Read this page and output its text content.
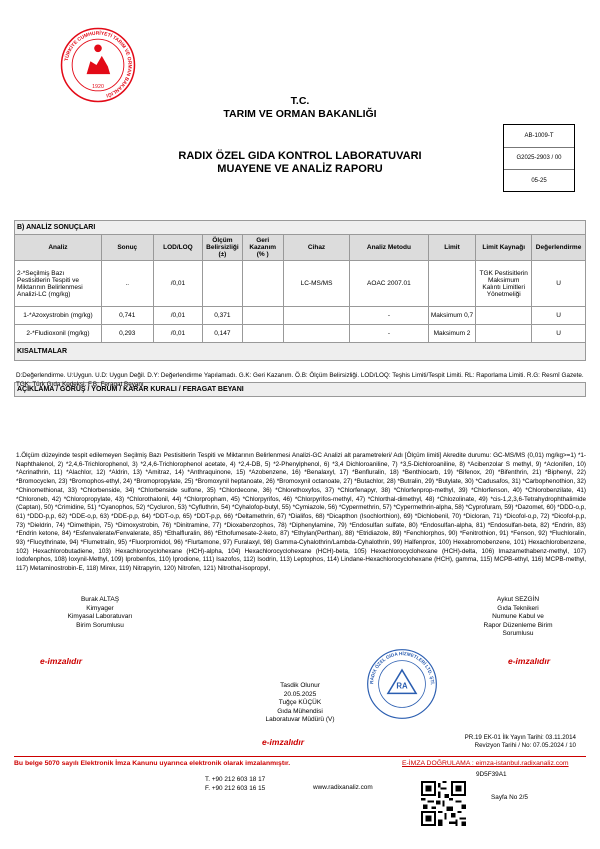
TÜRKİYE CUMHURİYETİ TARIM VE ORMAN BAKANLIĞI
1920
T.C.
TARIM VE ORMAN BAKANLIĞI
RADIX ÖZEL GIDA KONTROL LABORATUVARI
MUAYENE VE ANALİZ RAPORU
AB-1009-T
G2025-2903 / 00
05-25
B) ANALİZ SONUÇLARI									
Analiz	Sonuç	LOD/LOQ	Ölçüm Belirsizliği (±)	Geri Kazanım (% )	Cihaz	Analiz Metodu	Limit	Limit Kaynağı	Değerlendirme
2-*Seçilmiş Bazı Pestisitlerin Tespiti ve Miktarının Belirlenmesi Analizi-LC (mg/kg)	..	/0,01			LC-MS/MS	AOAC 2007.01		TGK Pestisitlerin Maksimum Kalıntı Limitleri Yönetmeliği	U
1-*Azoxystrobin (mg/kg)	0,741	/0,01	0,371			-	Maksimum 0,7		U
2-*Fludioxonil (mg/kg)	0,293	/0,01	0,147			-	Maksimum 2		U
KISALTMALAR									

AÇIKLAMA / GÖRÜŞ / YORUM / KARAR KURALI / FERAGAT BEYANI									
D:Değerlendirme. U:Uygun. U.D: Uygun Değil. D.Y: Değerlendirme Yapılamadı. G.K: Geri Kazanım. Ö.B: Ölçüm Belirsizliği. LOD/LOQ: Teşhis Limiti/Tespit Limiti. RL: Raporlama Limiti. R.G: Resmî Gazete. TGK: Türk Gıda Kodeksi. F.B: Feragat Beyanı
1.Ölçüm düzeyinde tespit edilemeyen Seçilmiş Bazı Pestisitlerin Tespiti ve Miktarının Belirlenmesi Analizi-GC Analizi alt parametreleri/ Adı [Ölçüm limiti] Akredite durumu: GC-MS/MS (0,01) mg/kg>=1) *1-Naphthalenol, 2) *2,4,6-Trichlorophenol, 3) *2,4,6-Trichlorophenol acetate, 4) *2,4-DB, 5) *2-Phenylphenol, 6) *3,4 Dichloroaniline, 7) *3,5-Dichloroaniline, 8) *Acibenzolar S methyl, 9) *Aclonifen, 10) *Acrinathrin, 11) *Alachlor, 12) *Aldrin, 13) *Amitraz, 14) *Anthraquinone, 15) *Azobenzene, 16) *Benalaxyl, 17) *Benfluralin, 18) *Benthiocarb, 19) *Bifenox, 20) *Bifenthrin, 21) *Biphenyl, 22) *Bromocyclen, 23) *Bromophos-ethyl, 24) *Bromopropylate, 25) *Bromoxynil heptanoate, 26) *Bromoxynil octanoate, 27) *Butachlor, 28) *Butralin, 29) *Butylate, 30) *Cadusafos, 31) *Carbophenothion, 32) *Chinomethionat, 33) *Chlorbenside, 34) *Chlorbenside sulfone, 35) *Chlordecone, 36) *Chlorethoxyfos, 37) *Chlorfenapyr, 38) *Chlorfenprop-methyl, 39) *Chlorfenson, 40) *Chlorobenzilate, 41) *Chloroneb, 42) *Chloropropylate, 43) *Chlorothalonil, 44) *Chlorpropham, 45) *Chlorpyrifos, 46) *Chlorpyrifos-methyl, 47) *Chlorthal-dimethyl, 48) *Chlozolinate, 49) *cis-1,2,3,6-Tetrahydrophthalimide (Captan), 50) *Crimidine, 51) *Cyanophos, 52) *Cycluron, 53) *Cyfluthrin, 54) *Cyhalofop-butyl, 55) *Cymiazole, 56) *Cypermethrin, 57) *Cypermethrin-alpha, 58) *Cyprofuram, 59) *Dazomet, 60) *DDD-o,p, 61) *DDD-p,p, 62) *DDE-o,p, 63) *DDE-p,p, 64) *DDT-o,p, 65) *DDT-p,p, 66) *Deltamethrin, 67) *Dialifos, 68) *Dicapthon (Isochlorthion), 69) *Dichlobenil, 70) *Dicloran, 71) *Dicofol-o,p, 72) *Dicofol-p,p, 73) *Dieldrin, 74) *Dimethipin, 75) *Dimoxystrobin, 76) *Dinitramine, 77) *Dioxabenzophos, 78) *Diphenylamine, 79) *Endosulfan sulfate, 80) *Endosulfan-alpha, 81) *Endosulfan-beta, 82) *Endrin, 83) *Endrin ketone, 84) *Esfenvalerate/Fenvalerate, 85) *Ethalfluralin, 86) *Ethofumesate-2-keto, 87) *Ethylan(Perthan), 88) *Etridiazole, 89) *Fenchlorphos, 90) *Fenitrothion, 91) *Fenson, 92) *Fluchloralin, 93) *Flucythrinate, 94) *Flumetralin, 95) *Fluorpromidol, 96) *Flurtamone, 97) Furalaxyl, 98) Gamma-Cyhalothrin/Lambda-Cyhalothrin, 99) Halfenprox, 100) Hexabromobenzene, 101) Hexachlorobenzene, 102) Hexachlorobutadiene, 103) Hexachlorocyclohexane (HCH)-alpha, 104) Hexachlorocyclohexane (HCH)-beta, 105) Hexachlorocyclohexane (HCH)-delta, 106) Imazamethabenz-methyl, 107) Iodofenphos, 108) Ioxynil-Methyl, 109) Iprobenfos, 110) Iprodione, 111) Isazofos, 112) Isodrin, 113) Leptophos, 114) Lindane-Hexachlorocyclohexane (HCH), gamma, 115) MCPB-ethyl, 116) MCPB-methyl, 117) Metaminostrobin-E, 118) Mirex, 119) Nitrapyrin, 120) Nitrofen, 121) Nitrothal-isopropyl,
Burak ALTAŞ
Kimyager
Kimyasal Laboratuvarı
Birim Sorumlusu
e-imzalıdır
Aykut SEZGİN
Gıda Teknikeri
Numune Kabul ve
Rapor Düzenleme Birim
Sorumlusu
e-imzalıdır
Tasdik Olunur
20.05.2025
Tuğçe KÜÇÜK
Gıda Mühendisi
Laboratuvar Müdürü (V)
e-imzalıdır
RADIX ÖZEL GIDA HİZMETLERİ LTD. ŞTİ.
RA
PR.19 EK-01 İlk Yayın Tarihi: 03.11.2014
Revizyon Tarihi / No: 07.05.2024 / 10
Bu belge 5070 sayılı Elektronik İmza Kanunu uyarınca elektronik olarak imzalanmıştır.	E-İMZA DOĞRULAMA : eimza-istanbul.radixanaliz.com
T. +90 212 603 18 17
F. +90 212 603 16 15	www.radixanaliz.com
9D5F39A1
Sayfa No 2/5
